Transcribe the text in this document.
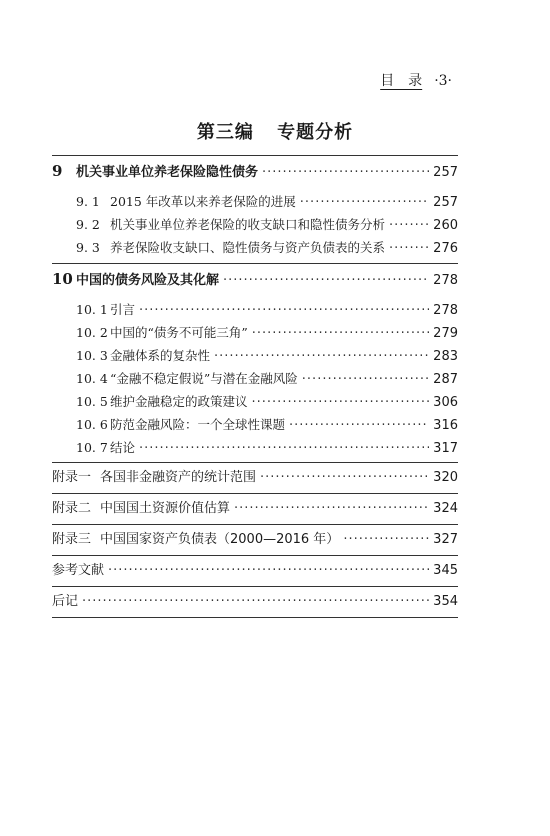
目　录 ·3·
第三编 专题分析
9	机关事业单位养老保险隐性债务 ·····	257
9. 1 2015 年改革以来养老保险的进展 ·····	257
9. 2 机关事业单位养老保险的收支缺口和隐性债务分析 ·····	260
9. 3 养老保险收支缺口、隐性债务与资产负债表的关系 ·····	276
10 中国的债务风险及其化解 ·····	278
10. 1 引言 ·····	278
10. 2 中国的“债务不可能三角” ·····	279
10. 3 金融体系的复杂性 ·····	283
10. 4 “金融不稳定假说”与潜在金融风险 ·····	287
10. 5 维护金融稳定的政策建议 ·····	306
10. 6 防范金融风险：一个全球性课题 ·····	316
10. 7 结论 ·····	317
附录一 各国非金融资产的统计范围 ·····	320
附录二 中国国土资源价值估算 ·····	324
附录三 中国国家资产负债表（2000—2016 年） ·····	327
参考文献 ·····	345
后记 ·····	354
